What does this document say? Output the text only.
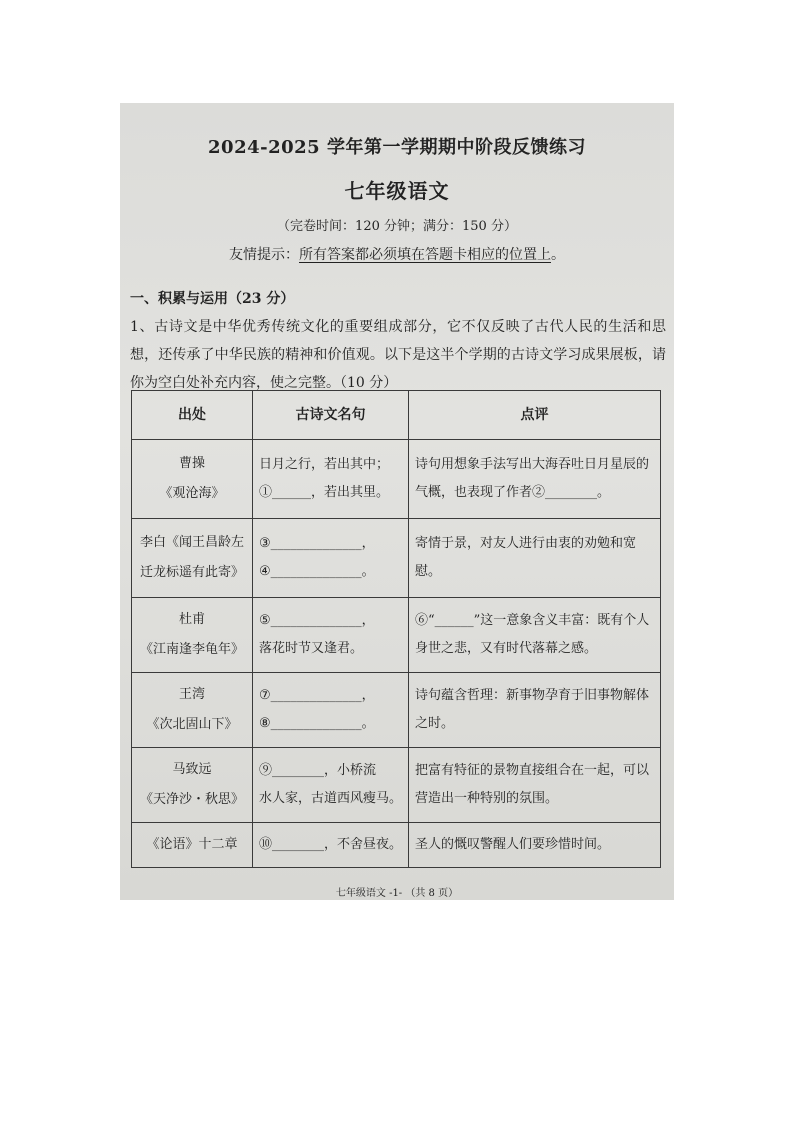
2024-2025 学年第一学期期中阶段反馈练习
七年级语文
（完卷时间：120 分钟；满分：150 分）
友情提示：所有答案都必须填在答题卡相应的位置上。
一、积累与运用（23 分）
1、古诗文是中华优秀传统文化的重要组成部分，它不仅反映了古代人民的生活和思想，还传承了中华民族的精神和价值观。以下是这半个学期的古诗文学习成果展板，请你为空白处补充内容，使之完整。（10 分）
出处	古诗文名句	点评

曹操
《观沧海》	日月之行，若出其中；
①______，若出其里。	诗句用想象手法写出大海吞吐日月星辰的气概，也表现了作者②________。

李白《闻王昌龄左
迁龙标遥有此寄》	③______________，
④______________。	寄情于景，对友人进行由衷的劝勉和宽慰。

杜甫
《江南逢李龟年》	⑤______________，
落花时节又逢君。	⑥“______”这一意象含义丰富：既有个人身世之悲，又有时代落幕之感。

王湾
《次北固山下》	⑦______________，
⑧______________。	诗句蕴含哲理：新事物孕育于旧事物解体之时。

马致远
《天净沙・秋思》	⑨________，小桥流
水人家，古道西风瘦马。	把富有特征的景物直接组合在一起，可以营造出一种特别的氛围。

《论语》十二章	⑩________，不舍昼夜。	圣人的慨叹警醒人们要珍惜时间。
七年级语文 -1- （共 8 页）
